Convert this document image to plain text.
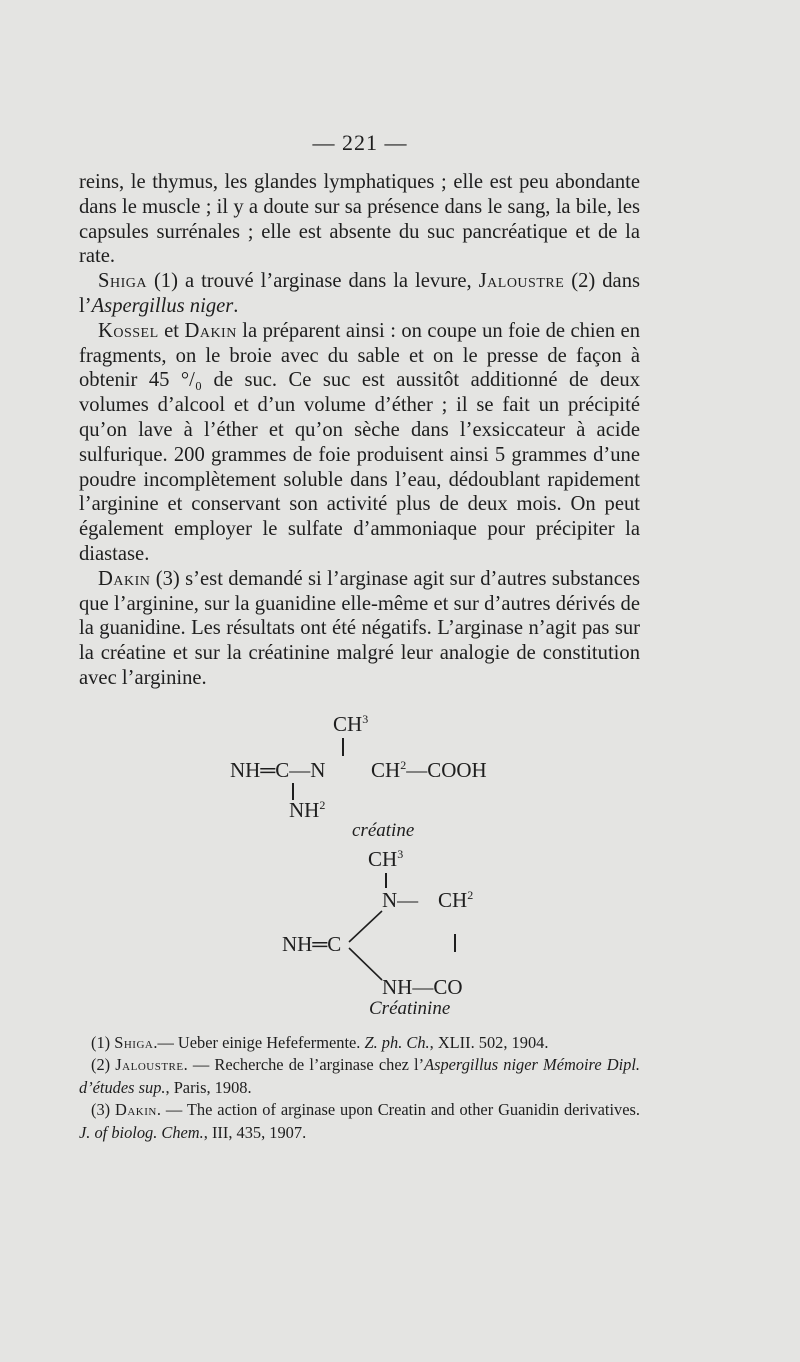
— 221 —

reins, le thymus, les glandes lymphatiques ; elle est peu abondante dans le muscle ; il y a doute sur sa présence dans le sang, la bile, les capsules surrénales ; elle est absente du suc pancréatique et de la rate.

Shiga (1) a trouvé l’arginase dans la levure, Jaloustre (2) dans l’Aspergillus niger.

Kossel et Dakin la préparent ainsi : on coupe un foie de chien en fragments, on le broie avec du sable et on le presse de façon à obtenir 45 °/₀ de suc. Ce suc est aussitôt additionné de deux volumes d’alcool et d’un volume d’éther ; il se fait un précipité qu’on lave à l’éther et qu’on sèche dans l’exsiccateur à acide sulfurique. 200 grammes de foie produisent ainsi 5 grammes d’une poudre incomplètement soluble dans l’eau, dédoublant rapidement l’arginine et conservant son activité plus de deux mois. On peut également employer le sulfate d’ammoniaque pour précipiter la diastase.

Dakin (3) s’est demandé si l’arginase agit sur d’autres substances que l’arginine, sur la guanidine elle-même et sur d’autres dérivés de la guanidine. Les résultats ont été négatifs. L’arginase n’agit pas sur la créatine et sur la créatinine malgré leur analogie de constitution avec l’arginine.

$CH^3$
NH═C—N $CH^2—COOH$
$NH^2$
créatine
$CH^3$
N— $CH^2$
NH═C
NH—CO
Créatinine

(1) Shiga.— Ueber einige Hefefermente. Z. ph. Ch., XLII. 502, 1904.

(2) Jaloustre. — Recherche de l’arginase chez l’Aspergillus niger Mémoire Dipl. d’études sup., Paris, 1908.

(3) Dakin. — The action of arginase upon Creatin and other Guanidin derivatives. J. of biolog. Chem., III, 435, 1907.
